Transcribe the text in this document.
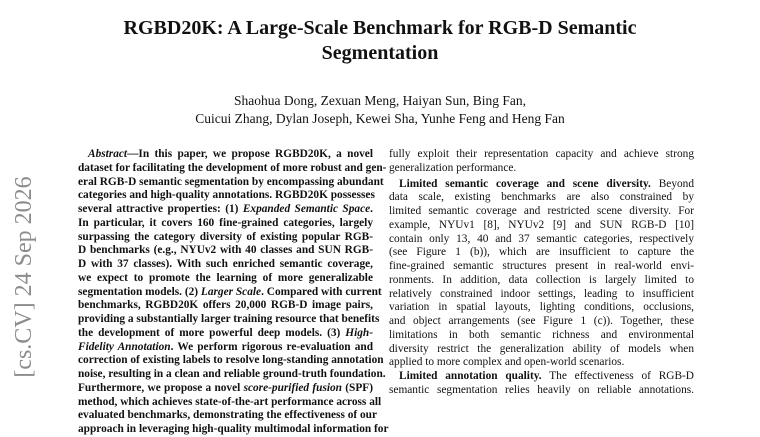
RGBD20K: A Large-Scale Benchmark for RGB-D Semantic
Segmentation
Shaohua Dong, Zexuan Meng, Haiyan Sun, Bing Fan,
Cuicui Zhang, Dylan Joseph, Kewei Sha, Yunhe Feng and Heng Fan
[cs.CV] 24 Sep 2026
Abstract—In this paper, we propose RGBD20K, a novel
dataset for facilitating the development of more robust and gen-
eral RGB-D semantic segmentation by encompassing abundant
categories and high-quality annotations. RGBD20K possesses
several attractive properties: (1) Expanded Semantic Space.
In particular, it covers 160 fine-grained categories, largely
surpassing the category diversity of existing popular RGB-
D benchmarks (e.g., NYUv2 with 40 classes and SUN RGB-
D with 37 classes). With such enriched semantic coverage,
we expect to promote the learning of more generalizable
segmentation models. (2) Larger Scale. Compared with current
benchmarks, RGBD20K offers 20,000 RGB-D image pairs,
providing a substantially larger training resource that benefits
the development of more powerful deep models. (3) High-
Fidelity Annotation. We perform rigorous re-evaluation and
correction of existing labels to resolve long-standing annotation
noise, resulting in a clean and reliable ground-truth foundation.
Furthermore, we propose a novel score-purified fusion (SPF)
method, which achieves state-of-the-art performance across all
evaluated benchmarks, demonstrating the effectiveness of our
approach in leveraging high-quality multimodal information for
fully exploit their representation capacity and achieve strong
generalization performance.
Limited semantic coverage and scene diversity. Beyond
data scale, existing benchmarks are also constrained by
limited semantic coverage and restricted scene diversity. For
example, NYUv1 [8], NYUv2 [9] and SUN RGB-D [10]
contain only 13, 40 and 37 semantic categories, respectively
(see Figure 1 (b)), which are insufficient to capture the
fine-grained semantic structures present in real-world envi-
ronments. In addition, data collection is largely limited to
relatively constrained indoor settings, leading to insufficient
variation in spatial layouts, lighting conditions, occlusions,
and object arrangements (see Figure 1 (c)). Together, these
limitations in both semantic richness and environmental
diversity restrict the generalization ability of models when
applied to more complex and open-world scenarios.
Limited annotation quality. The effectiveness of RGB-D
semantic segmentation relies heavily on reliable annotations.
